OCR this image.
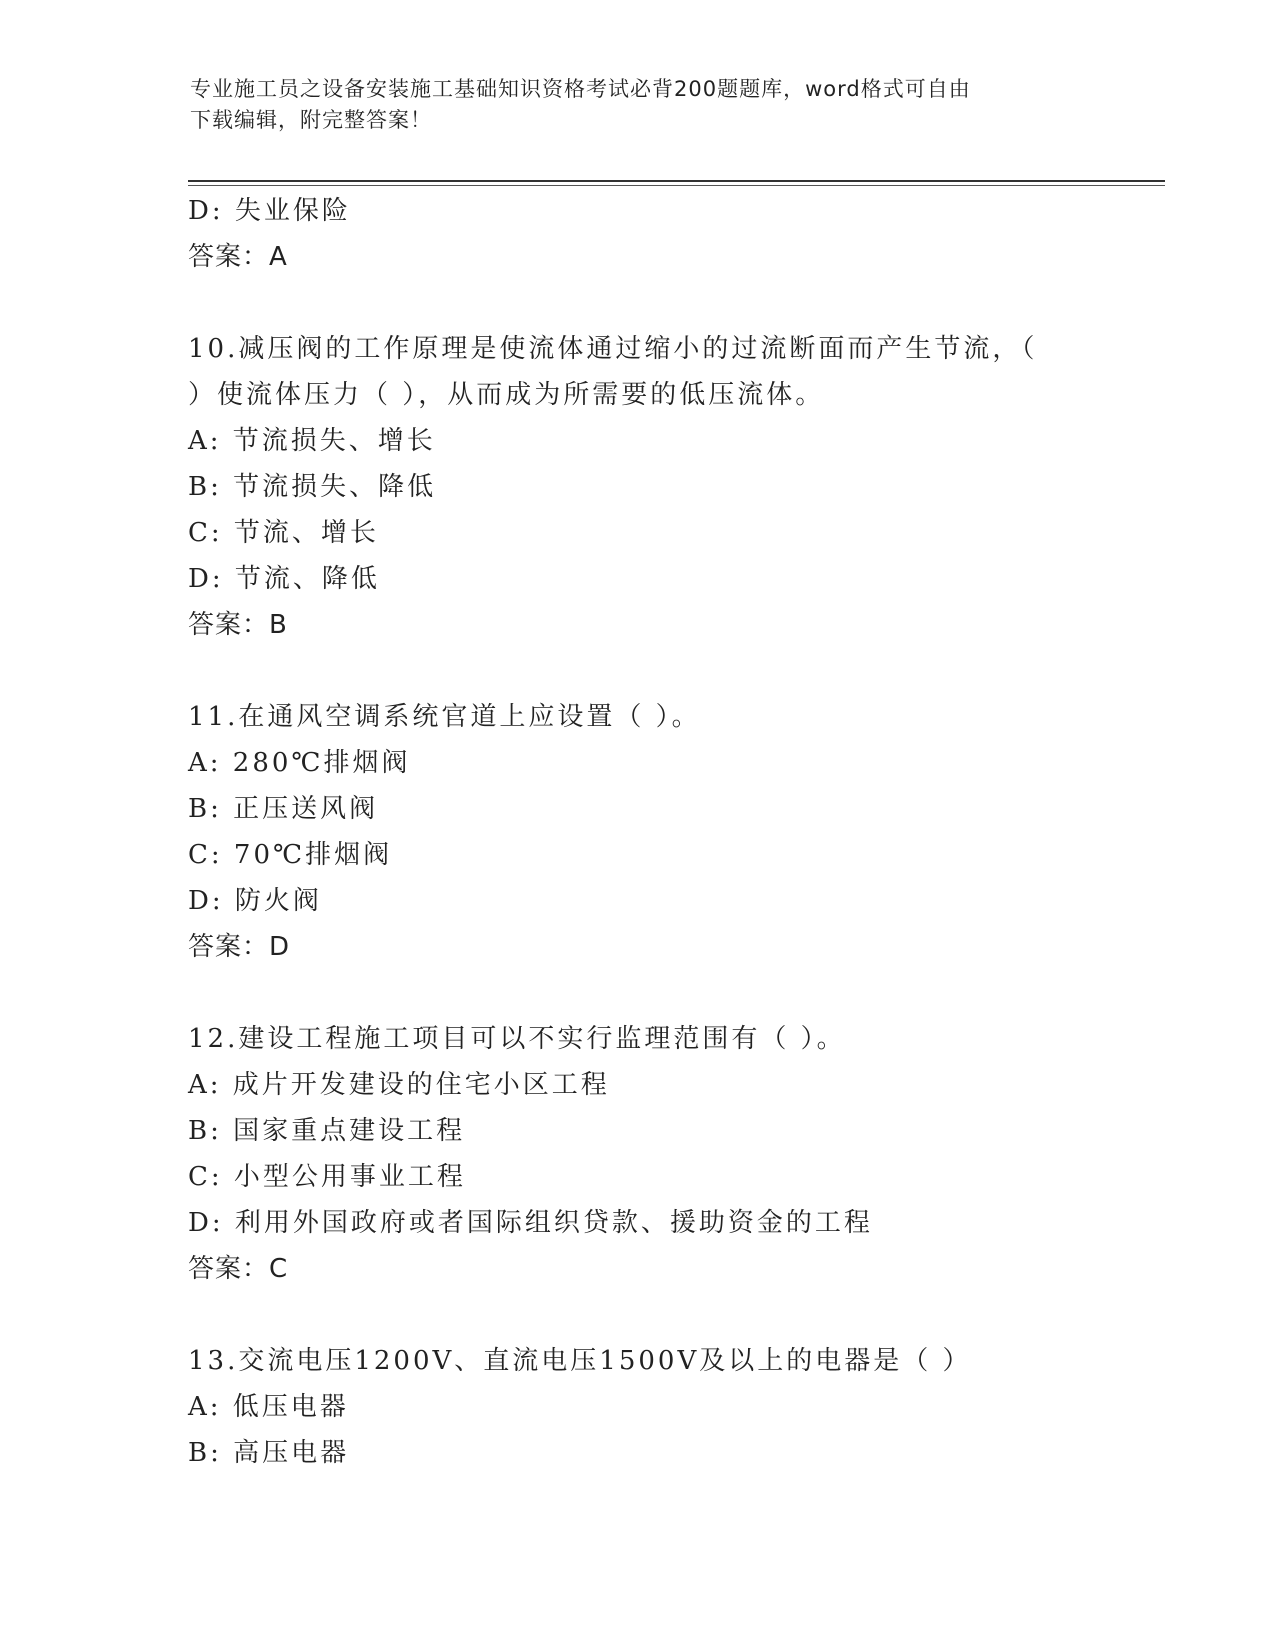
专业施工员之设备安装施工基础知识资格考试必背200题题库，word格式可自由
下载编辑，附完整答案！
D: 失业保险
答案：A
10.减压阀的工作原理是使流体通过缩小的过流断面而产生节流，（
）使流体压力（ ），从而成为所需要的低压流体。
A: 节流损失、增长
B: 节流损失、降低
C: 节流、增长
D: 节流、降低
答案：B
11.在通风空调系统官道上应设置（ ）。
A: 280℃排烟阀
B: 正压送风阀
C: 70℃排烟阀
D: 防火阀
答案：D
12.建设工程施工项目可以不实行监理范围有（ ）。
A: 成片开发建设的住宅小区工程
B: 国家重点建设工程
C: 小型公用事业工程
D: 利用外国政府或者国际组织贷款、援助资金的工程
答案：C
13.交流电压1200V、直流电压1500V及以上的电器是（ ）
A: 低压电器
B: 高压电器
